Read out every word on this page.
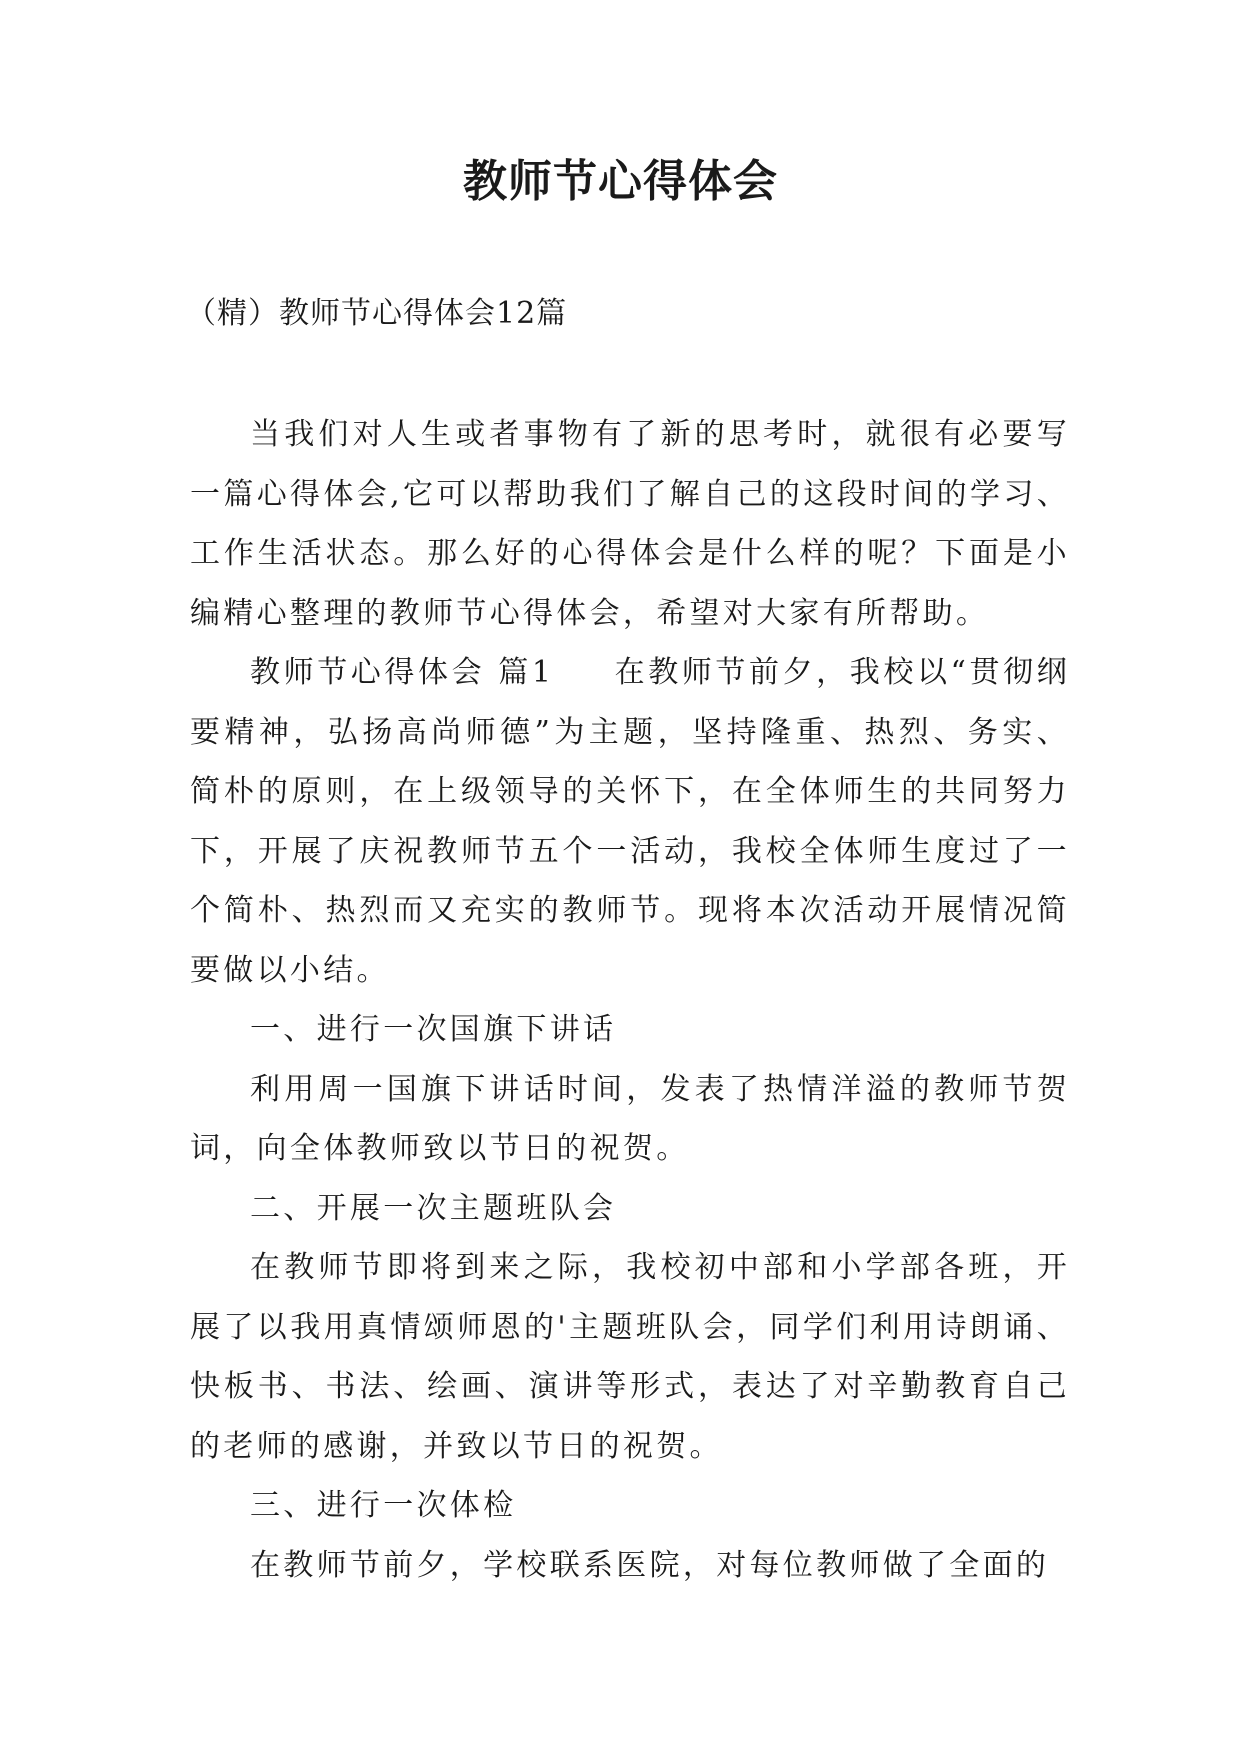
教师节心得体会

（精）教师节心得体会12篇

当我们对人生或者事物有了新的思考时，就很有必要写一篇心得体会,它可以帮助我们了解自己的这段时间的学习、工作生活状态。那么好的心得体会是什么样的呢？下面是小编精心整理的教师节心得体会，希望对大家有所帮助。

教师节心得体会 篇1 在教师节前夕，我校以“贯彻纲要精神，弘扬高尚师德”为主题，坚持隆重、热烈、务实、简朴的原则，在上级领导的关怀下，在全体师生的共同努力下，开展了庆祝教师节五个一活动，我校全体师生度过了一个简朴、热烈而又充实的教师节。现将本次活动开展情况简要做以小结。

一、进行一次国旗下讲话

利用周一国旗下讲话时间，发表了热情洋溢的教师节贺词，向全体教师致以节日的祝贺。

二、开展一次主题班队会

在教师节即将到来之际，我校初中部和小学部各班，开展了以我用真情颂师恩的'主题班队会，同学们利用诗朗诵、快板书、书法、绘画、演讲等形式，表达了对辛勤教育自己的老师的感谢，并致以节日的祝贺。

三、进行一次体检

在教师节前夕，学校联系医院，对每位教师做了全面的
